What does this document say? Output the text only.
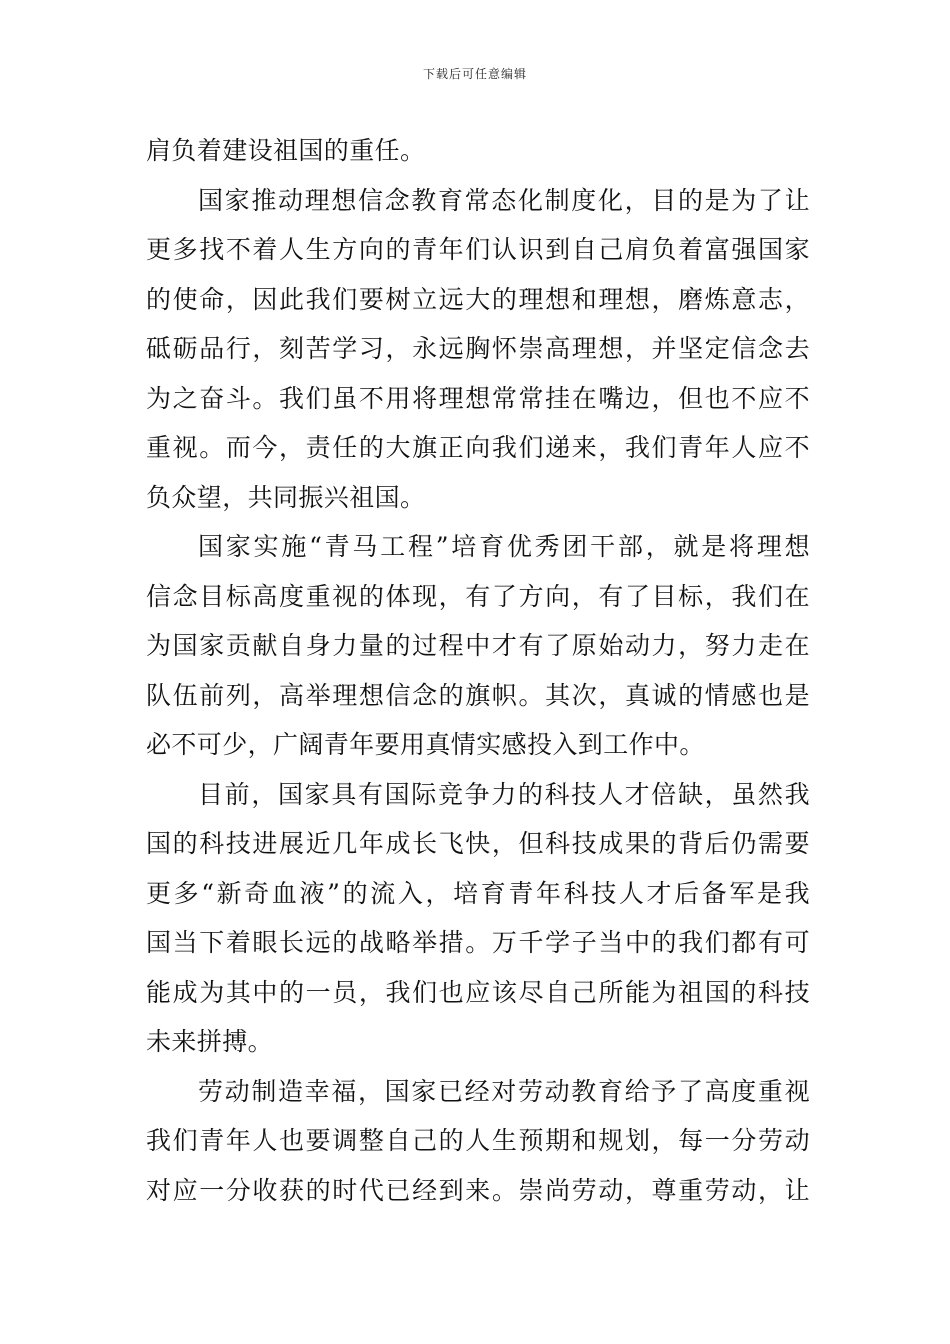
下载后可任意编辑
肩负着建设祖国的重任。
国家推动理想信念教育常态化制度化，目的是为了让
更多找不着人生方向的青年们认识到自己肩负着富强国家
的使命，因此我们要树立远大的理想和理想，磨炼意志，
砥砺品行，刻苦学习，永远胸怀崇高理想，并坚定信念去
为之奋斗。我们虽不用将理想常常挂在嘴边，但也不应不
重视。而今，责任的大旗正向我们递来，我们青年人应不
负众望，共同振兴祖国。
国家实施“青马工程”培育优秀团干部，就是将理想
信念目标高度重视的体现，有了方向，有了目标，我们在
为国家贡献自身力量的过程中才有了原始动力，努力走在
队伍前列，高举理想信念的旗帜。其次，真诚的情感也是
必不可少，广阔青年要用真情实感投入到工作中。
目前，国家具有国际竞争力的科技人才倍缺，虽然我
国的科技进展近几年成长飞快，但科技成果的背后仍需要
更多“新奇血液”的流入，培育青年科技人才后备军是我
国当下着眼长远的战略举措。万千学子当中的我们都有可
能成为其中的一员，我们也应该尽自己所能为祖国的科技
未来拼搏。
劳动制造幸福，国家已经对劳动教育给予了高度重视
我们青年人也要调整自己的人生预期和规划，每一分劳动
对应一分收获的时代已经到来。崇尚劳动，尊重劳动，让
